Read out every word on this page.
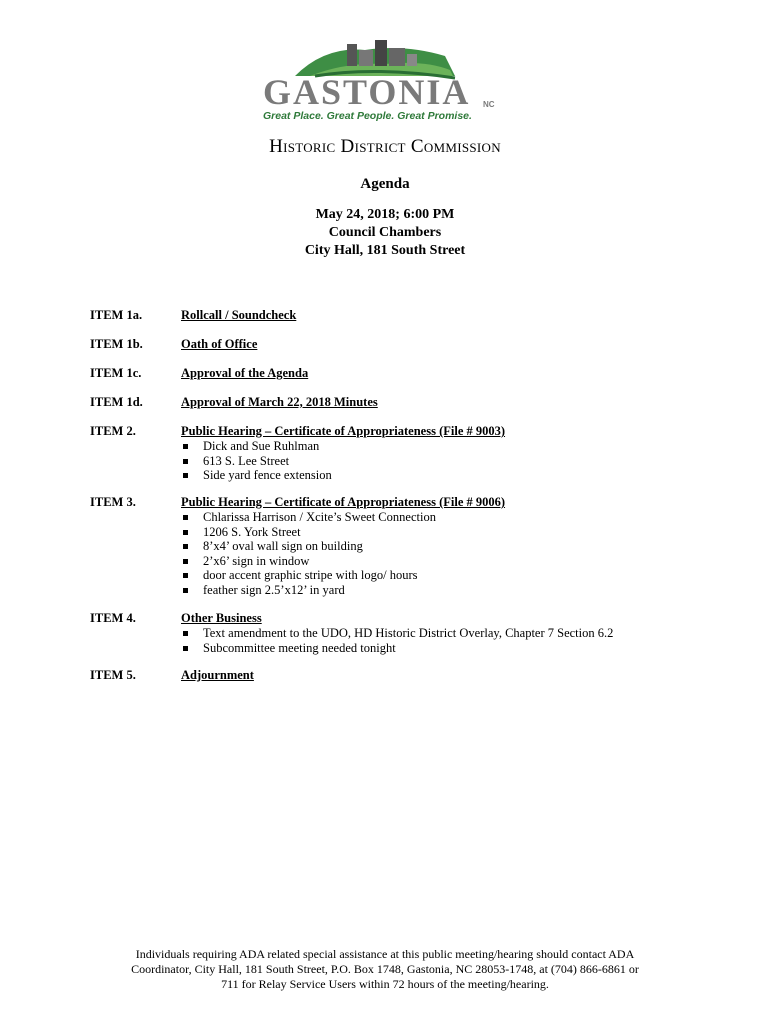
GASTONIA	NC
Great Place. Great People. Great Promise.
Historic District Commission
Agenda
May 24, 2018; 6:00 PM
Council Chambers
City Hall, 181 South Street
ITEM 1a.	Rollcall / Soundcheck
ITEM 1b.	Oath of Office
ITEM 1c.	Approval of the Agenda
ITEM 1d.	Approval of March 22, 2018 Minutes
ITEM 2.	Public Hearing – Certificate of Appropriateness (File # 9003)
Dick and Sue Ruhlman
613 S. Lee Street
Side yard fence extension
ITEM 3.	Public Hearing – Certificate of Appropriateness (File # 9006)
Chlarissa Harrison / Xcite’s Sweet Connection
1206 S. York Street
8’x4’ oval wall sign on building
2’x6’ sign in window
door accent graphic stripe with logo/ hours
feather sign 2.5’x12’ in yard
ITEM 4.	Other Business
Text amendment to the UDO, HD Historic District Overlay, Chapter 7 Section 6.2
Subcommittee meeting needed tonight
ITEM 5.	Adjournment
Individuals requiring ADA related special assistance at this public meeting/hearing should contact ADA
Coordinator, City Hall, 181 South Street, P.O. Box 1748, Gastonia, NC 28053-1748, at (704) 866-6861 or
711 for Relay Service Users within 72 hours of the meeting/hearing.
